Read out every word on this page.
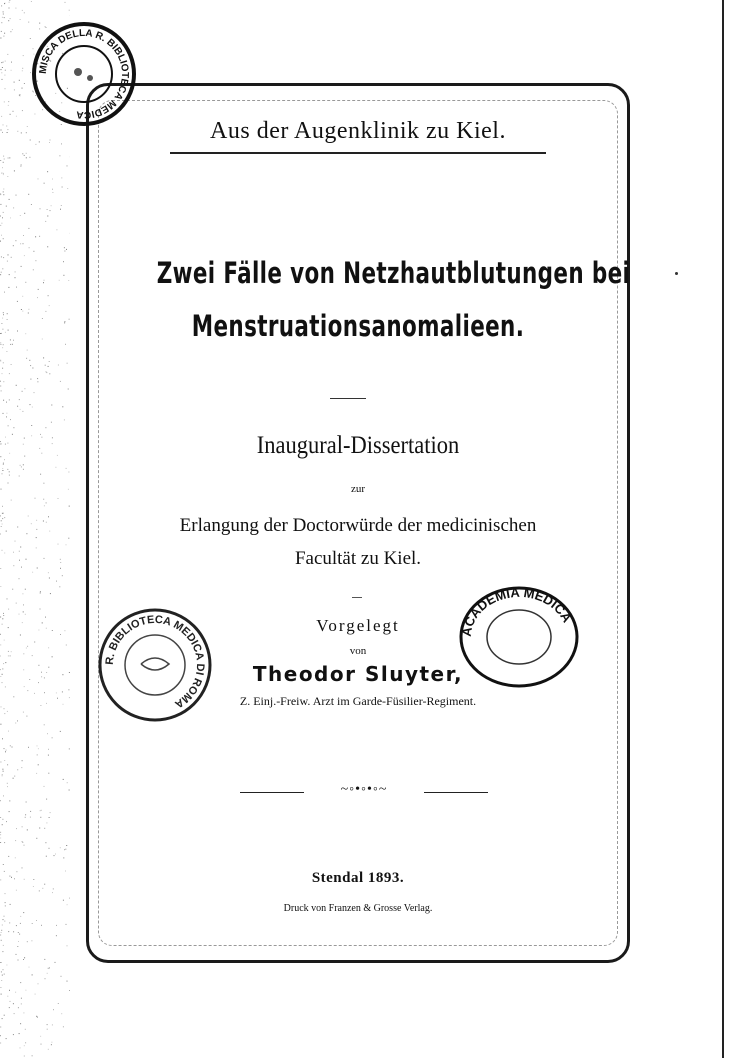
Aus der Augenklinik zu Kiel.
Zwei Fälle von Netzhautblutungen bei
Menstruationsanomalieen.
Inaugural-Dissertation
zur
Erlangung der Doctorwürde der medicinischen
Facultät zu Kiel.
Vorgelegt
von
Theodor Sluyter,
Z. Einj.-Freiw. Arzt im Garde-Füsilier-Regiment.
~◦•◦•◦~
Stendal 1893.
Druck von Franzen & Grosse Verlag.
MISCA DELLA R. BIBLIOTECA MEDICA
R. BIBLIOTECA MEDICA DI ROMA
ACADEMIA MEDICA
